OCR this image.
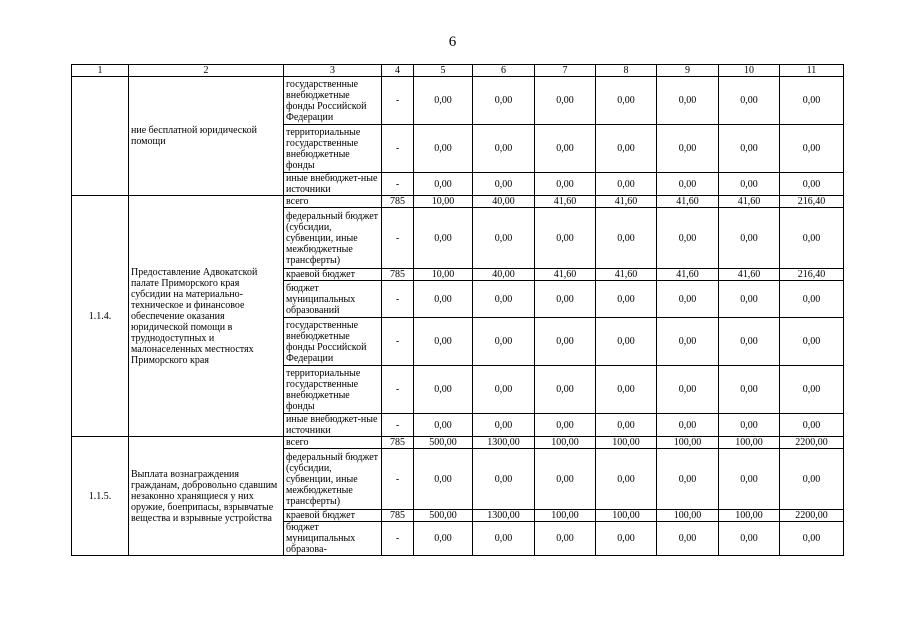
6
1	2	3	4	5	6	7	8	9	10	11
	ние бесплатной юридической помощи	государственные внебюджетные фонды Российской Федерации	-	0,00	0,00	0,00	0,00	0,00	0,00	0,00
		территориальные государственные внебюджетные фонды	-	0,00	0,00	0,00	0,00	0,00	0,00	0,00
		иные внебюджет-ные источники	-	0,00	0,00	0,00	0,00	0,00	0,00	0,00
1.1.4.	Предоставление Адвокатской палате Приморского края субсидии на материально-техническое и финансовое обеспечение оказания юридической помощи в труднодоступных и малонаселенных местностях Приморского края	всего	785	10,00	40,00	41,60	41,60	41,60	41,60	216,40
		федеральный бюджет (субсидии, субвенции, иные межбюджетные трансферты)	-	0,00	0,00	0,00	0,00	0,00	0,00	0,00
		краевой бюджет	785	10,00	40,00	41,60	41,60	41,60	41,60	216,40
		бюджет муниципальных образований	-	0,00	0,00	0,00	0,00	0,00	0,00	0,00
		государственные внебюджетные фонды Российской Федерации	-	0,00	0,00	0,00	0,00	0,00	0,00	0,00
		территориальные государственные внебюджетные фонды	-	0,00	0,00	0,00	0,00	0,00	0,00	0,00
		иные внебюджет-ные источники	-	0,00	0,00	0,00	0,00	0,00	0,00	0,00
1.1.5.	Выплата вознаграждения гражданам, добровольно сдавшим незаконно хранящиеся у них оружие, боеприпасы, взрывчатые вещества и взрывные устройства	всего	785	500,00	1300,00	100,00	100,00	100,00	100,00	2200,00
		федеральный бюджет (субсидии, субвенции, иные межбюджетные трансферты)	-	0,00	0,00	0,00	0,00	0,00	0,00	0,00
		краевой бюджет	785	500,00	1300,00	100,00	100,00	100,00	100,00	2200,00
		бюджет муниципальных образова-	-	0,00	0,00	0,00	0,00	0,00	0,00	0,00
